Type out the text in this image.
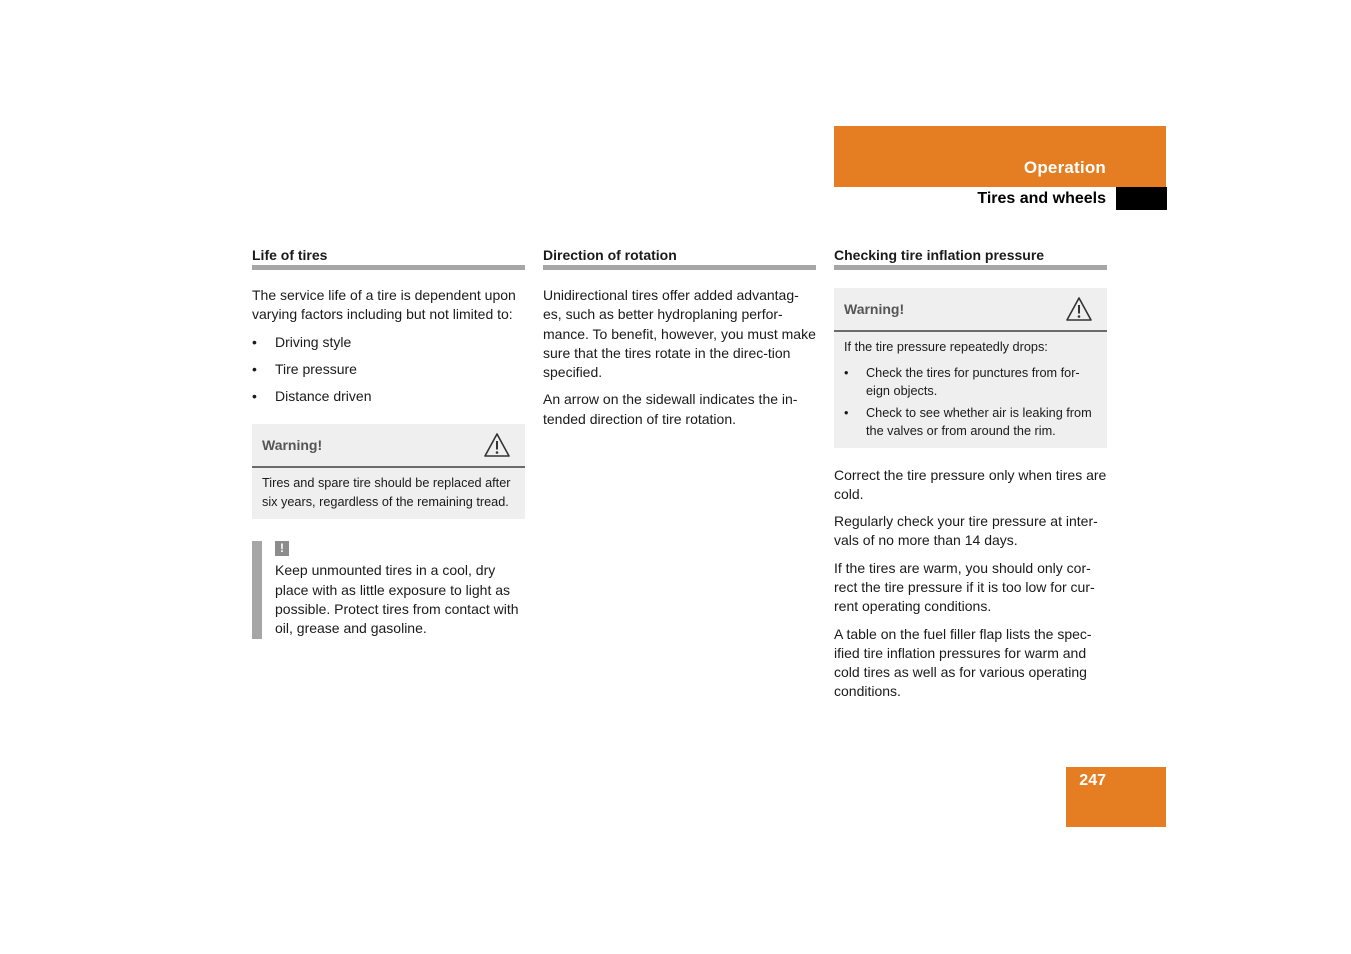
Operation
Tires and wheels
Life of tires

The service life of a tire is dependent upon varying factors including but not limited to:

• Driving style
• Tire pressure
• Distance driven
Warning!

Tires and spare tire should be replaced after six years, regardless of the remaining tread.

!

Keep unmounted tires in a cool, dry place with as little exposure to light as possible. Protect tires from contact with oil, grease and gasoline.

Direction of rotation

Unidirectional tires offer added advantag-es, such as better hydroplaning perfor-mance. To benefit, however, you must make sure that the tires rotate in the direc-tion specified.

An arrow on the sidewall indicates the in-tended direction of tire rotation.

Checking tire inflation pressure
Warning!

If the tire pressure repeatedly drops:

• Check the tires for punctures from for-eign objects.
• Check to see whether air is leaking from the valves or from around the rim.

Correct the tire pressure only when tires are cold.

Regularly check your tire pressure at inter-vals of no more than 14 days.

If the tires are warm, you should only cor-rect the tire pressure if it is too low for cur-rent operating conditions.

A table on the fuel filler flap lists the spec-ified tire inflation pressures for warm and cold tires as well as for various operating conditions.

247
